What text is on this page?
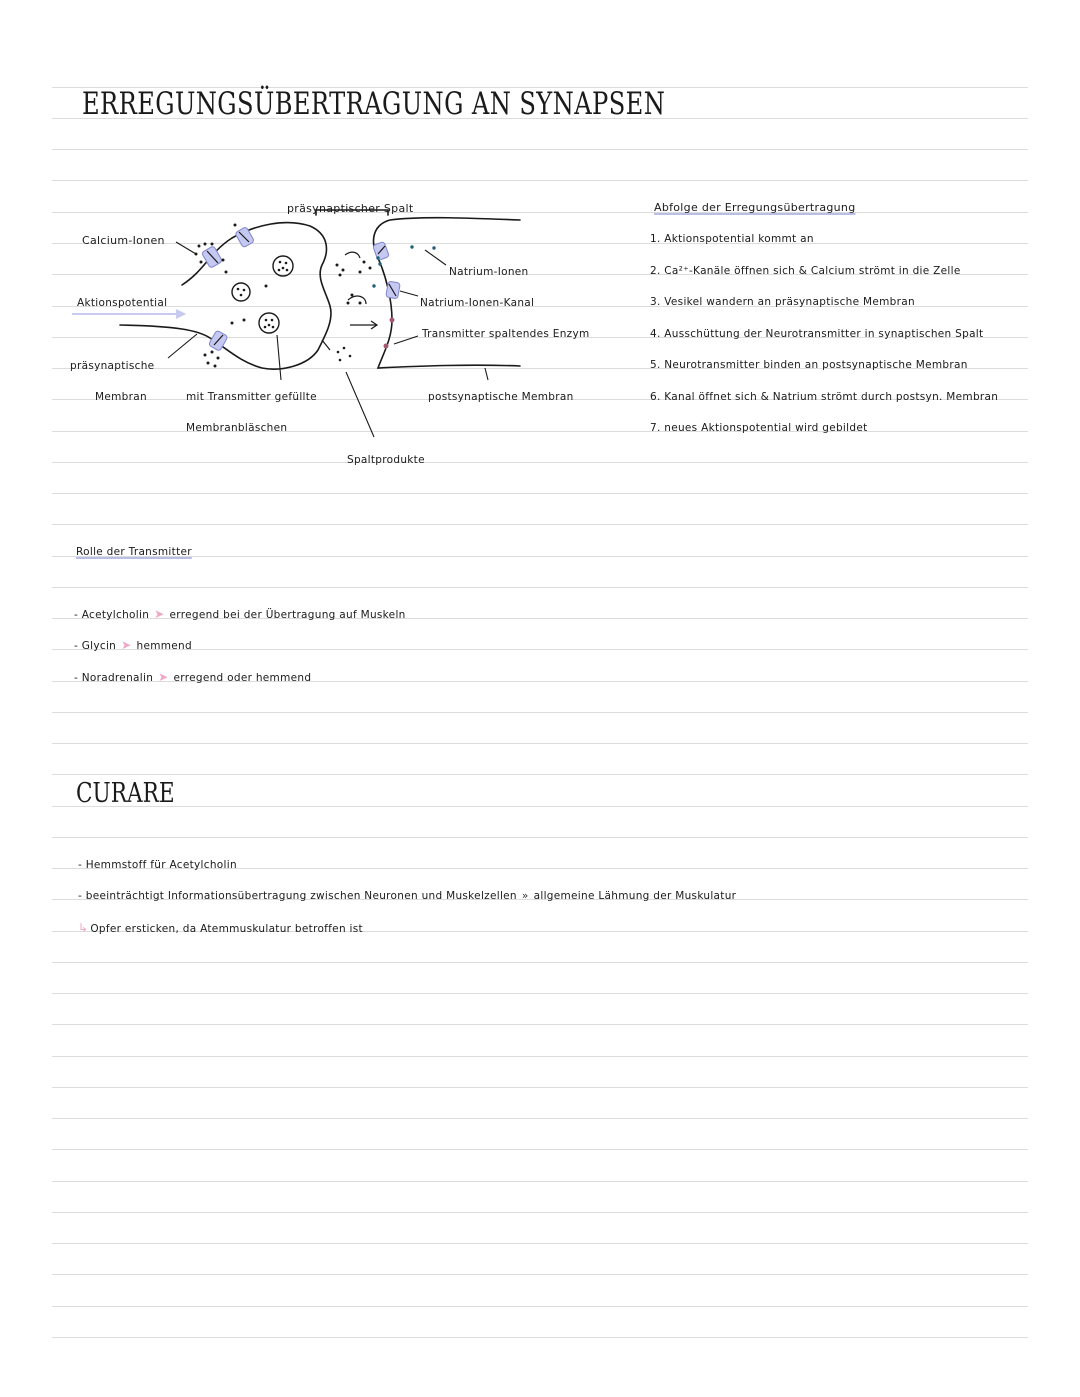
ERREGUNGSÜBERTRAGUNG AN SYNAPSEN
präsynaptischer Spalt
Calcium-Ionen
Aktionspotential
präsynaptische
Membran	mit Transmitter gefüllte
Membranbläschen
Natrium-Ionen
Natrium-Ionen-Kanal
Transmitter spaltendes Enzym
postsynaptische Membran
Spaltprodukte
Abfolge der Erregungsübertragung
1. Aktionspotential kommt an
2. Ca²⁺-Kanäle öffnen sich & Calcium strömt in die Zelle
3. Vesikel wandern an präsynaptische Membran
4. Ausschüttung der Neurotransmitter in synaptischen Spalt
5. Neurotransmitter binden an postsynaptische Membran
6. Kanal öffnet sich & Natrium strömt durch postsyn. Membran
7. neues Aktionspotential wird gebildet
Rolle der Transmitter
- Acetylcholin ➤ erregend bei der Übertragung auf Muskeln
- Glycin ➤ hemmend
- Noradrenalin ➤ erregend oder hemmend
CURARE
- Hemmstoff für Acetylcholin
- beeinträchtigt Informationsübertragung zwischen Neuronen und Muskelzellen » allgemeine Lähmung der Muskulatur
↳ Opfer ersticken, da Atemmuskulatur betroffen ist
